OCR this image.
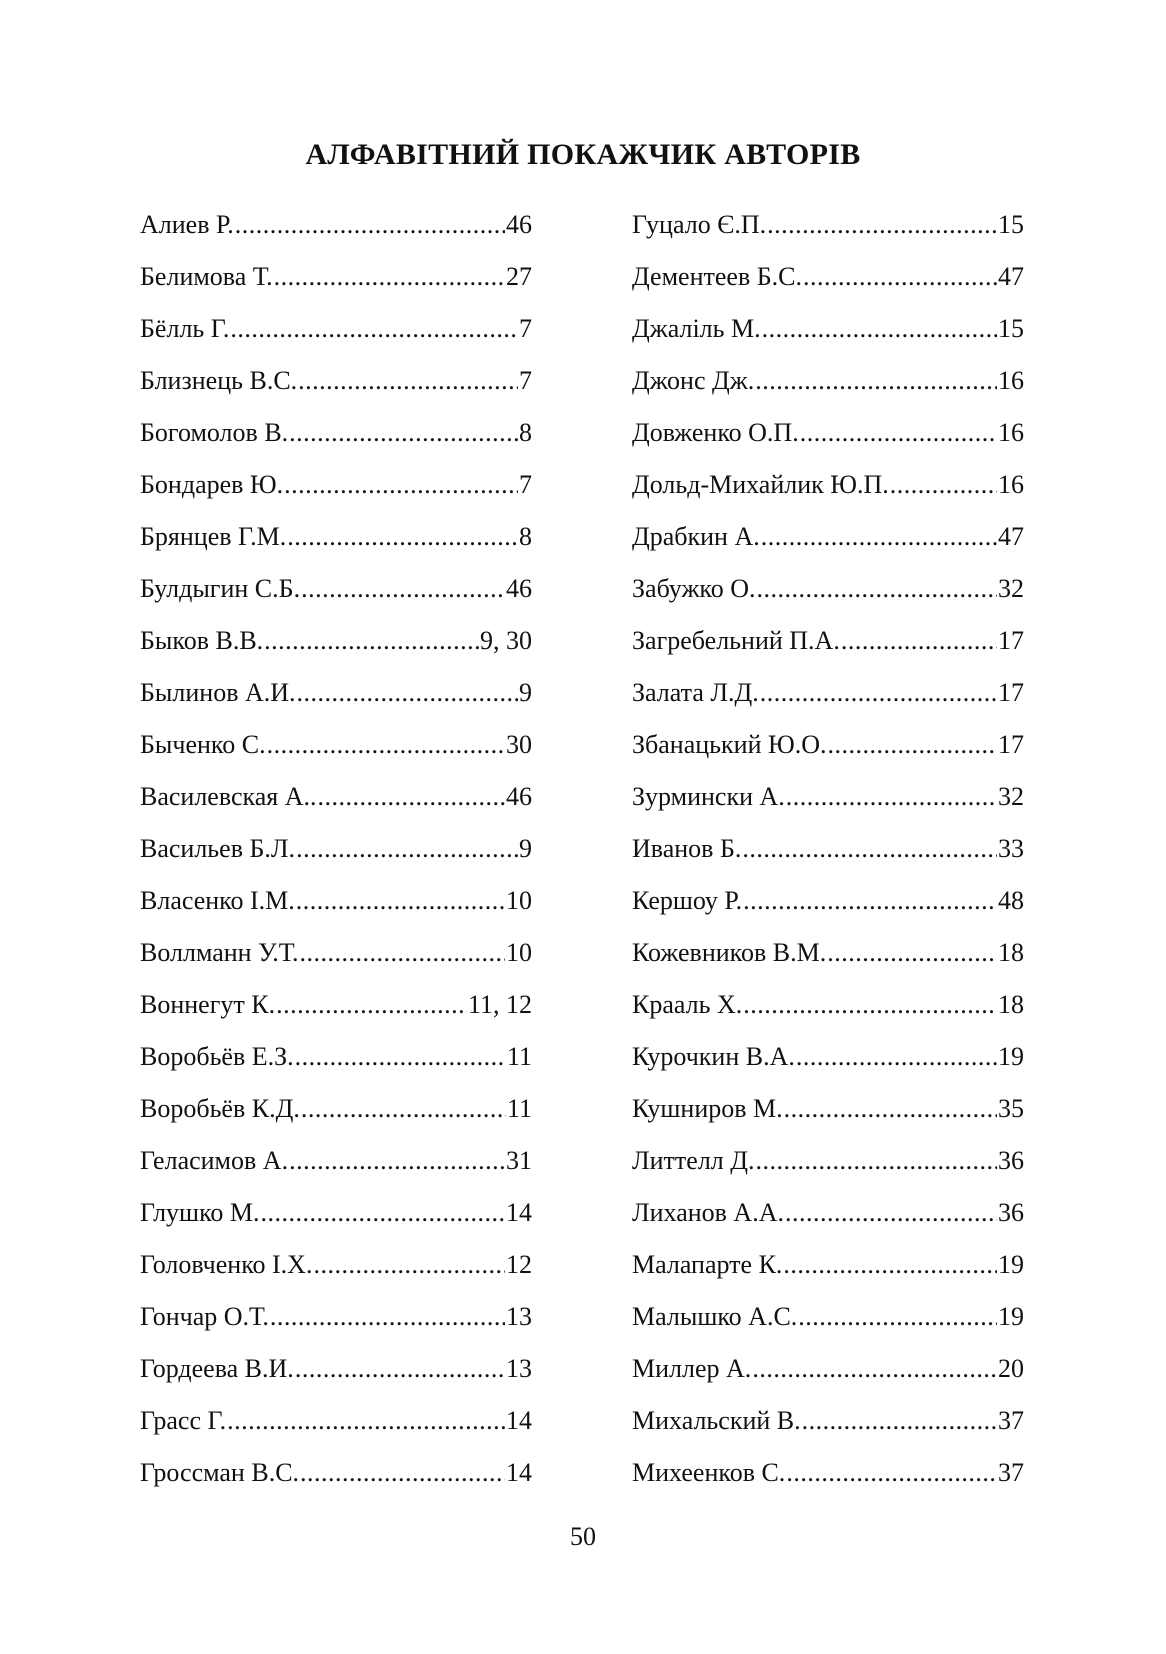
АЛФАВІТНИЙ ПОКАЖЧИК АВТОРІВ
Алиев Р. .....	46
Белимова Т. .....	27
Бёлль Г. .....	7
Близнець В.С. .....	7
Богомолов В. .....	8
Бондарев Ю. .....	7
Брянцев Г.М. .....	8
Булдыгин С.Б. .....	46
Быков В.В. .....	9, 30
Былинов А.И. .....	9
Быченко С. .....	30
Василевская А.. .....	46
Васильев Б.Л. .....	9
Власенко І.М. .....	10
Воллманн У.Т. .....	10
Воннегут К. .....	11, 12
Воробьёв Е.З. .....	11
Воробьёв К.Д. .....	11
Геласимов А. .....	31
Глушко М. .....	14
Головченко І.Х. .....	12
Гончар О.Т. .....	13
Гордеева В.И. .....	13
Грасс Г. .....	14
Гроссман В.С. .....	14
Гуцало Є.П. .....	15
Дементеев Б.С. .....	47
Джаліль М. .....	15
Джонс Дж. .....	16
Довженко О.П. .....	16
Дольд-Михайлик Ю.П. .....	16
Драбкин А. .....	47
Забужко О. .....	32
Загребельний П.А. .....	17
Залата Л.Д. .....	17
Збанацький Ю.О. .....	17
Зурмински А. .....	32
Иванов Б. .....	33
Кершоу Р. .....	48
Кожевников В.М. .....	18
Крааль Х. .....	18
Курочкин В.А. .....	19
Кушниров М. .....	35
Литтелл Д. .....	36
Лиханов А.А. .....	36
Малапарте К. .....	19
Малышко А.С. .....	19
Миллер А. .....	20
Михальский В. .....	37
Михеенков С. .....	37

50
